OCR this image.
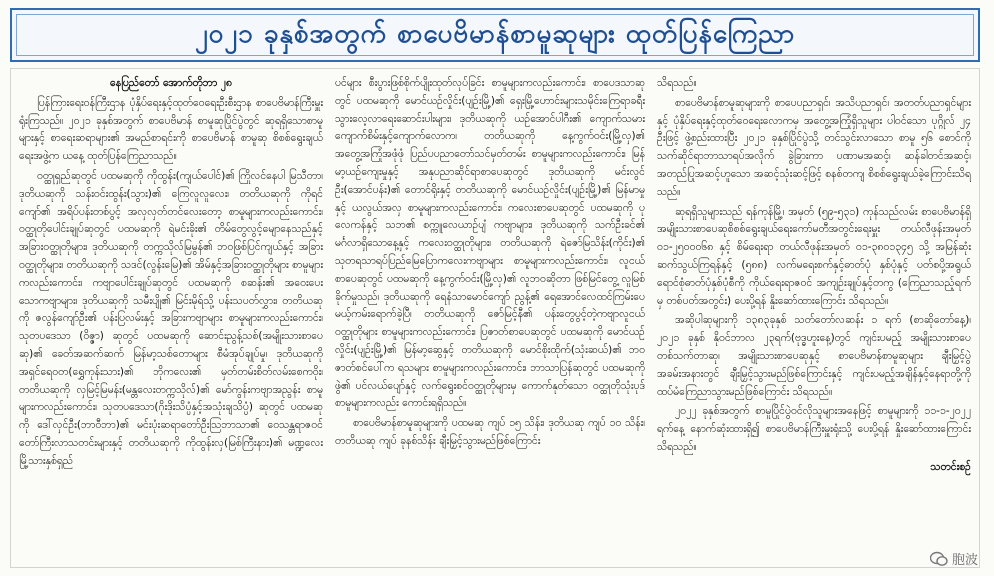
၂၀၂၁ ခုနှစ်အတွက် စာပေဗိမာန်စာမူဆုများ ထုတ်ပြန်ကြေညာ

နေပြည်တော် အောက်တိုဘာ ၂၈

ပြန်ကြားရေးဝန်ကြီးဌာန ပုံနှိပ်ရေးနှင့်ထုတ်ဝေရေးဦးစီးဌာန စာပေဗိမာန်ကြီးမှူးရုံးကြသည်။ ၂၀၂၁ ခုနှစ်အတွက် စာပေဗိမာန် စာမူဆုပြိုင်ပွဲတွင် ဆုရရှိသောစာမူများနှင့် စာရေးဆရာများ၏ အမည်စာရင်းကို စာပေဗိမာန် စာမူဆု စိစစ်ရွေးချယ်ရေးအဖွဲ့က ယနေ့ ထုတ်ပြန်ကြေညာသည်။

ဝတ္ထုရှည်ဆုတွင် ပထမဆုကို ကိုထွန်း(ကျယ်ပေါင်)၏ ကြိုလင်နေပါ မြသီတာ၊ ဒုတိယဆုကို သန်းဝင်းထွန်း(သွား)၏ ကြေလူလူလေး၊ တတိယဆုကို ကိုရင်ကျော်၏ အရိပ်ပန်းတစ်ပွင့် အလှလှတ်တင်လေးတော့ စာမူများကလည်းကောင်း၊ ဝတ္ထုတိုပေါင်းချုပ်ဆုတွင် ပထမဆုကို ရဲမင်းခိုး၏ တိမ်တွေလွင့်မျောနေသည်နှင့် အခြားဝတ္ထုတိုများ၊ ဒုတိယဆုကို တက္ကသိုလ်မြမွန်၏ ဘဝဖြစ်ပြင်ကျယ်နှင့် အခြားဝတ္ထုတိုများ၊ တတိယဆုကို သဒင်(လွန်းမြေ)၏ အိမ်နှင့်အခြားဝတ္ထုတိုများ စာမူများကလည်းကောင်း၊ ကဗျာပေါင်းချုပ်ဆုတွင် ပထမဆုကို စဆန်း၏ အဝေးပေးသောကဗျာများ၊ ဒုတိယဆုကို သမီးပျို၏ မြင်းမိုရ်သို့ ပန်းသပတ်လွှား၊ တတိယဆုကို ဇလွန်ကျော်ဦး၏ ပန်းပြလမ်းနှင့် အခြားကဗျာများ စာမူများကလည်းကောင်း၊ သုတပဒေသာ (ဝိဇ္ဇာ) ဆုတွင် ပထမဆုကို ဆောင်းညွန့်သစ်(အမျိုးသားစာပေဆု)၏ ခေတ်အဆက်ဆက် မြန်မာ့သစ်တောများ စီမံအုပ်ချုပ်မှု၊ ဒုတိယဆုကို အရှင်ရေဝတ(ရွှေကုန်းသား)၏ ဘိုကလေး၏ မှတ်တမ်းစိတ်လမ်းစေကဝိုး၊ တတိယဆုကို လှမြင့်မြမန်း(မန္တလေးတက္ကသိုလ်)၏ မော်ကွန်းကဗျာအညွန်း စာမူများကလည်းကောင်း၊ သုတပဒေသာ(ဂိုးဒိုးသိပ္ပံနှင့်အသုံးချသိပ္ပံ) ဆုတွင် ပထမဆုကို ဒေါ်လှင်ဦး(ဘာဝီဘာ)၏ မင်းပုံးဆရာတော်ဦးသြဘာသာ၏ ဝေသန္တရာဇဝင်တော်ကြီးလာသတင်းများနှင့် တတိယဆုကို ကိုထွန်းလှ(မြစ်ကြီးနား)၏ မဏ္ဍလေးမြို့သားနှစ်ရှည်

ပင်များ စီးပွားဖြစ်စိုက်ပျိုးထုတ်လုပ်ခြင်း စာမူများကလည်းကောင်း၊ စာပေဒသာဆုတွင် ပထမဆုကို မောင်ယဉ်လှိုင်း(ပျဉ်းမြို့)၏ ရှေးမြို့ဟောင်းများသမိုင်းကြေရာခရီး သွားလေ့လာရေးဆောင်းပါးများ၊ ဒုတိယဆုကို ယဉ်အောင်ပါဂီး၏ ကျောက်သမားကျောက်စိမ်းနှင့်ကျောက်လောက၊ တတိယဆုကို နေ့ကွက်ဝင်း(မြို့လှ)၏ အတွေ့အကြုံအဖုံဖုံ ပြည်ပပညာတော်သင်မှတ်တမ်း စာမူများကလည်းကောင်း၊ မြန်မာ့ယဉ်ကျေးမှုနှင့် အနုပညာဆိုင်ရာစာပေဆုတွင် ဒုတိယဆုကို မင်းလွင်ဦး(အောင်ပန်း)၏ တောင်ရိုးနှင့် တတိယဆုကို မောင်ယဉ်လှိုင်း(ပျဉ်းမြို့)၏ မြန်မာမှုနှင့် ယလွယ်အလှ စာမူများကလည်းကောင်း၊ ကလေးစာပေဆုတွင် ပထမဆုကို ပုလေကန်နှင့် သဘ၏ စက္ကူလေယာဉ်ပျံ ကဗျာများ၊ ဒုတိယဆုကို သက်ဦးခင်၏ မင်္ဂလာရှိသောနေ့နှင့် ကလေးဝတ္ထုတိုများ၊ တတိယဆုကို ရဲဇော်မြသိန်း(ကိုင်း)၏ သုတရသာရပ်ပြည်မြေပြောကလေးကဗျာများ စာမူများကလည်းကောင်း၊ လူငယ်စာပေဆုတွင် ပထမဆုကို နေ့ကွက်ဝင်း(မြို့လှ)၏ လူဘဝဆိုတာ ဖြစ်မြင်တွေ့ လူမြစ်ခိုက်မှုသည်၊ ဒုတိယဆုကို ရေနံသာမောင်ကျော် ညွန့်၏ ရေအောင်လေထင်ကြမ်းပေမယ့်ကမ်းရောက်ခဲ့ပြီ၊ တတိယဆုကို ဇော်မြင့်နီ၏ ပန်းတွေပွင့်တဲ့ကဗျာလူငယ် ဝတ္ထုတိုများ စာမူများကလည်းကောင်း၊ ပြဇာတ်စာပေဆုတွင် ပထမဆုကို မောင်ယဉ်လှိုင်း(ပျဉ်းမြို့)၏ မြန်မာ့ဆွေနှင့် တတိယဆုကို မောင်စိုးထိုက်(သုံးဆယ်)၏ ဘဝဇာတ်စင်ပေါ်က ရသများ စာမူများကလည်းကောင်း၊ ဘာသာပြန်ဆုတွင် ပထမဆုကို ဖွဲ၏ ပင်လယ်ပျော်နှင့် လက်ရွေးစင်ဝတ္ထုတိုများမှ ကောက်နုတ်သော ဝတ္ထုတိုသုံးပုဒ် စာမူများကလည်း ကောင်းရရှိသည်။

စာပေဗိမာန်စာမူဆုများကို ပထမဆု ကျပ် ၁၅ သိန်း၊ ဒုတိယဆု ကျပ် ၁၀ သိန်း၊ တတိယဆု ကျပ် ခုနစ်သိန်း ချီးမြှင့်သွားမည်ဖြစ်ကြောင်း

သိရသည်။

စာပေဗိမာန်စာမူဆုများကို စာပေပညာရှင်၊ အသိပညာရှင်၊ အတတ်ပညာရှင်များနှင့် ပုံနှိပ်ရေးနှင့်ထုတ်ဝေရေးလောကမှ အတွေ့အကြုံရှိသူများ ပါဝင်သော ပုဂ္ဂိုလ် ၂၄ ဦးဖြင့် ဖွဲ့စည်းထားပြီး ၂၀၂၁ ခုနှစ်ပြိုင်ပွဲသို့ တင်သွင်းလာသော စာမူ ၅၆ စောင်ကို သက်ဆိုင်ရာဘာသာရပ်အလိုက် ခွဲခြားကာ ပဏာမအဆင့်၊ ဆန်ခါတင်အဆင့်၊ အတည်ပြုအဆင့်ဟူသော အဆင့်သုံးဆင့်ဖြင့် စနစ်တကျ စိစစ်ရွေးချယ်ခဲ့ကြောင်းသိရသည်။

ဆုရရှိသူများသည် ရန်ကုန်မြို့၊ အမှတ် (၅၉-၅၃၁) ကုန်သည်လမ်း စာပေဗိမာန်ရှိ အမျိုးသားစာပေဆုစိစစ်ရွေးချယ်ရေးကော်မတီအတွင်းရေးမှူး တယ်လီဖုန်းအမှတ် ၀၁-၂၅၀၀၀၆၈ နှင့် စိမ်ရေးရာ တယ်လီဖုန်းအမှတ် ၀၁-၃၈၀၁၃၄၅ သို့ အမြန်ဆုံးဆက်သွယ်ကြရန်နှင့် (၅၈၈) လက်မရေးစက်နှင့်ဓာတ်ပုံ နှစ်ပုံနှင့် ပတ်စပို့အရွယ် ရောင်စုံဓာတ်ပုံနှစ်ပုံစီကို ကိုယ်ရေးရာဇဝင် အကျဉ်းချုပ်နှင့်တကွ (ကြေညာသည့်ရက်မှ တစ်ပတ်အတွင်း) ပေးပို့ရန် နှိုးဆော်ထားကြောင်း သိရသည်။

အဆိုပါဆုများကို ၁၃၈၃ခုနှစ် သတ်တော်လဆန်း ၁ ရက် (စာဆိုတော်နေ့)၊ ၂၀၂၁ ခုနှစ် နိုဝင်ဘာလ ၂၃ရက်(ဗုဒ္ဓဟူးနေ့)တွင် ကျင်းပမည့် အမျိုးသားစာပေတစ်သက်တာဆု၊ အမျိုးသားစာပေဆုနှင့် စာပေဗိမာန်စာမူဆုများ ချီးမြှင့်ပွဲအခမ်းအနားတွင် ချီးမြှင့်သွားမည်ဖြစ်ကြောင်းနှင့် ကျင်းပမည့်အချိန်နှင့်နေရာတို့ကို ထပ်မံကြေညာသွားမည်ဖြစ်ကြောင်း သိရသည်။

၂၀၂၂ ခုနှစ်အတွက် စာမူပြိုင်ပွဲဝင်လိုသူများအနေဖြင့် စာမူများကို ၁၁-၁-၂၀၂၂ ရက်နေ့ နောက်ဆုံးထားရှိ၍ စာပေဗိမာန်ကြီးမှူးရုံးသို့ ပေးပို့ရန် နှိုးဆော်ထားကြောင်း သိရသည်။

သတင်းစဉ်

胞波
